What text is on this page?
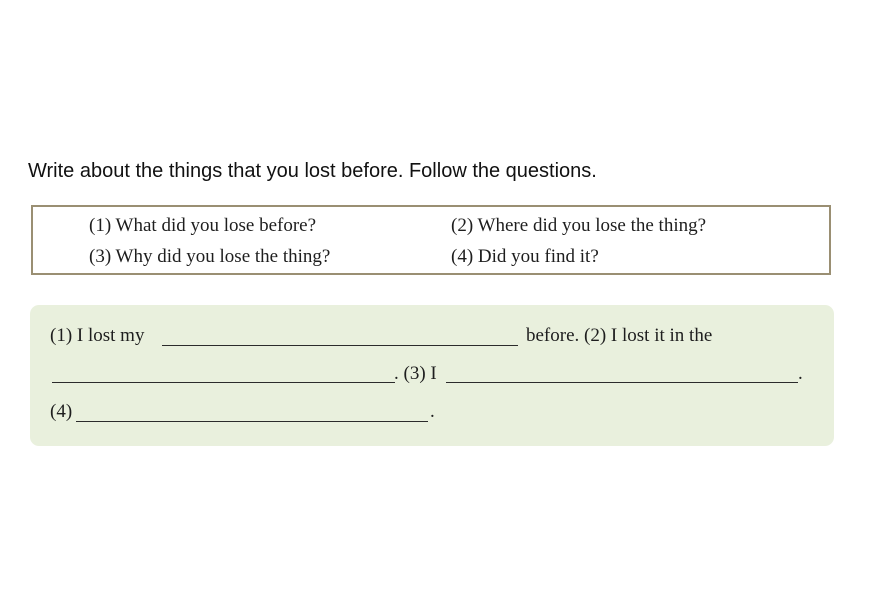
Write about the things that you lost before. Follow the questions.
(1) What did you lose before?	(2) Where did you lose the thing?
(3) Why did you lose the thing?	(4) Did you find it?
(1) I lost my	before. (2) I lost it in the
. (3) I	.
(4)	.
